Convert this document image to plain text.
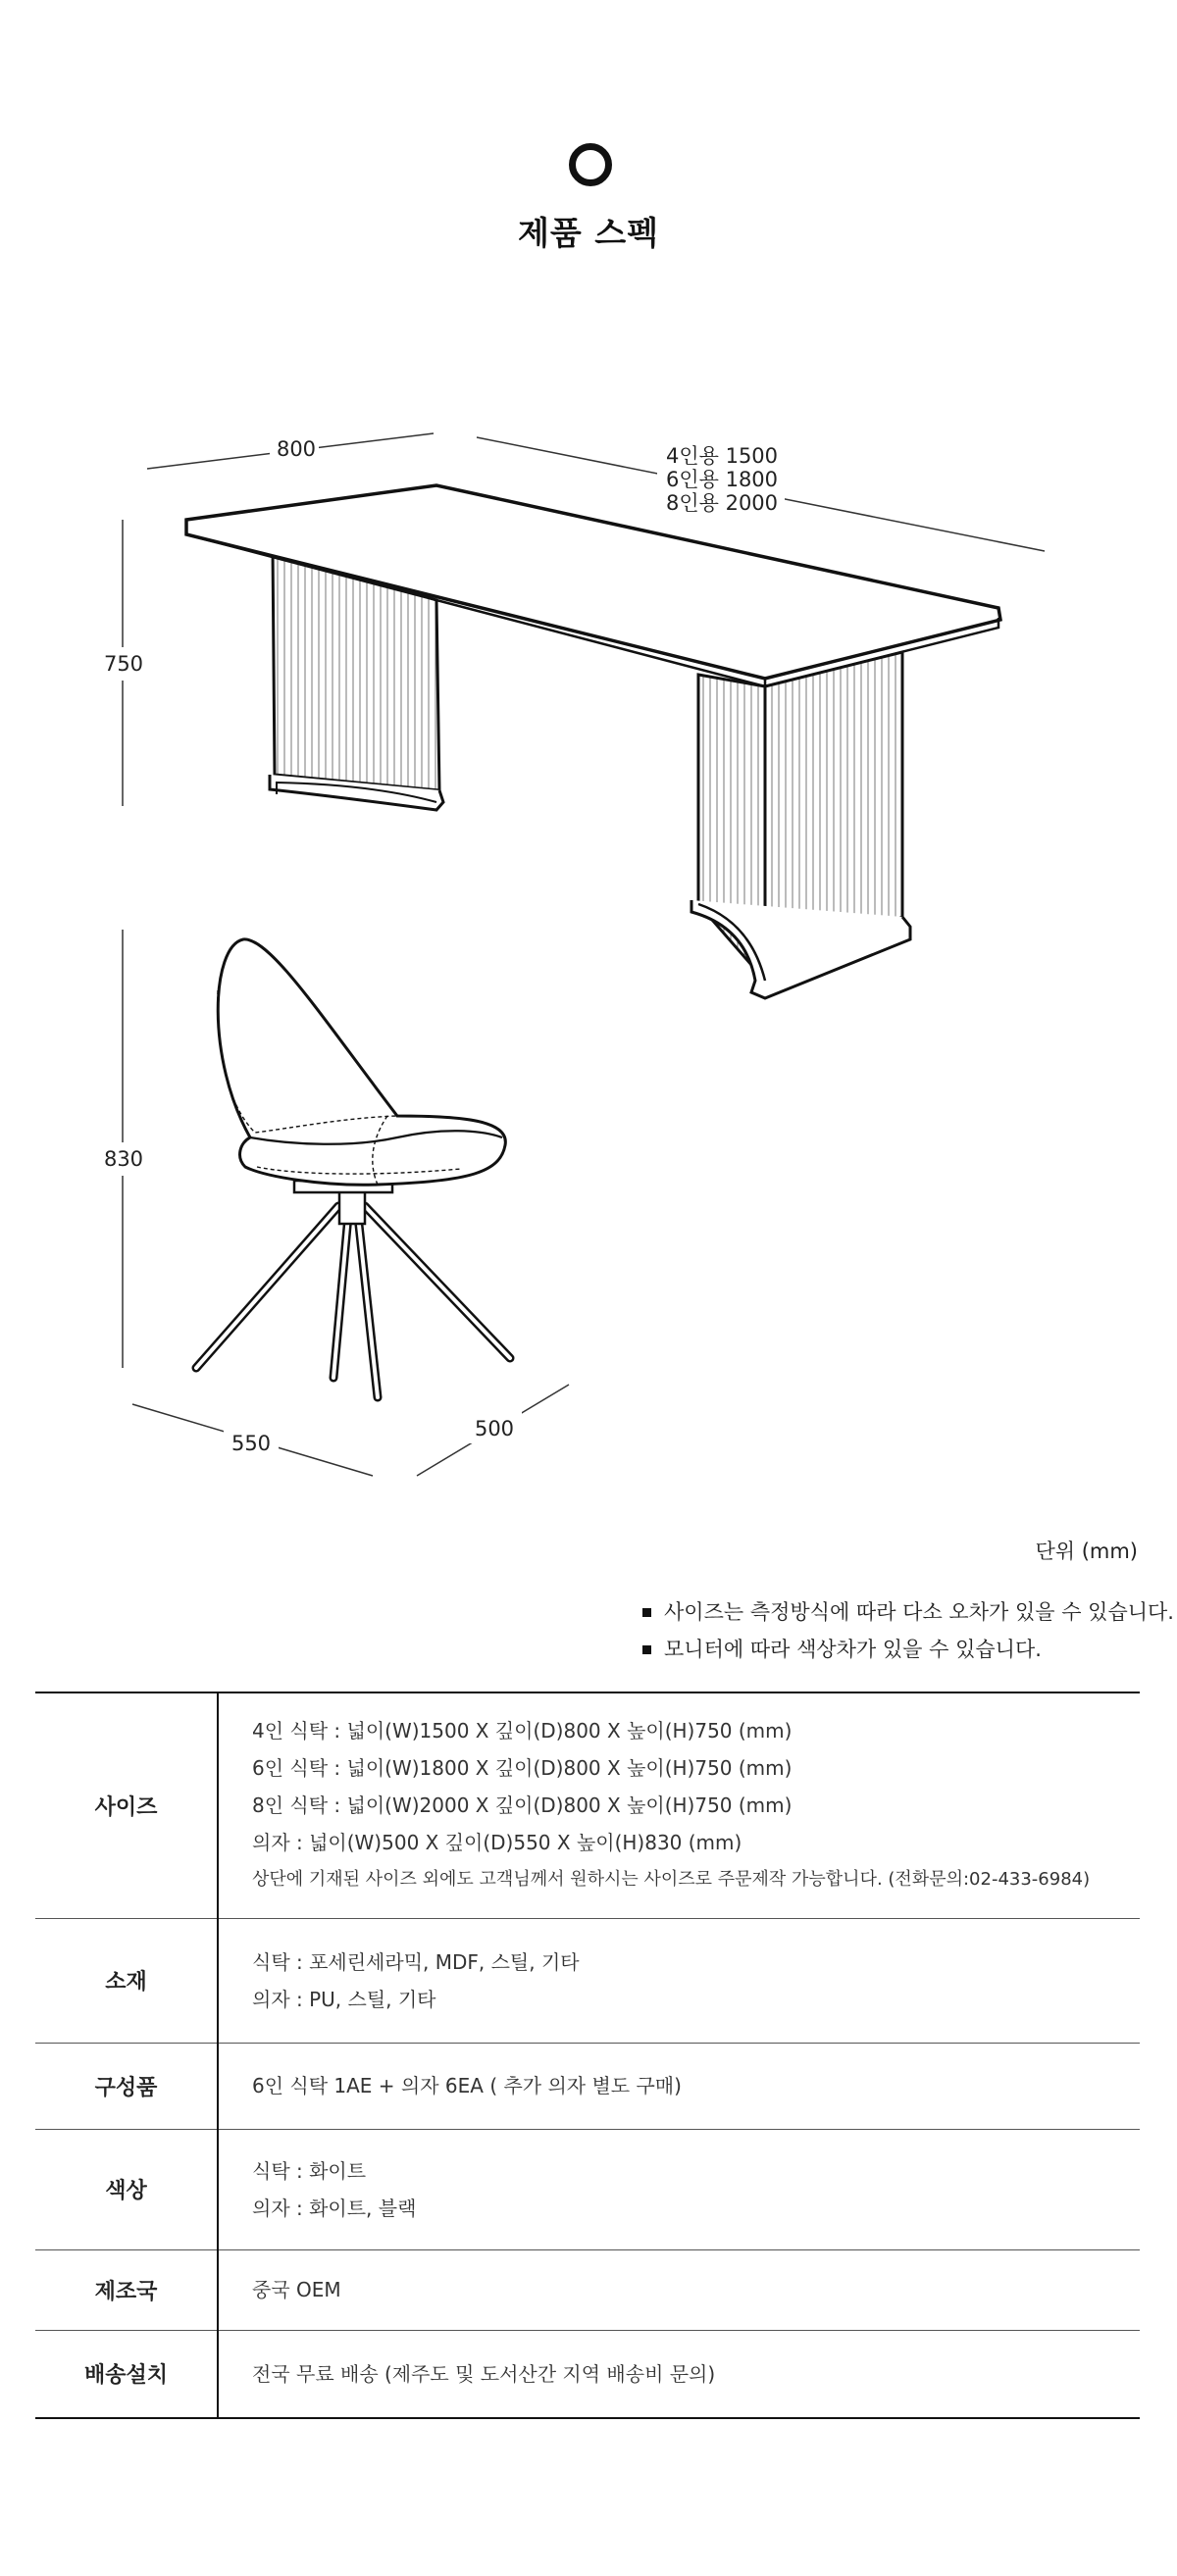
제품 스펙
800	4인용 1500
6인용 1800
8인용 2000
750
830
550
500
단위 (mm)
사이즈는 측정방식에 따라 다소 오차가 있을 수 있습니다.
모니터에 따라 색상차가 있을 수 있습니다.
사이즈	4인 식탁 : 넓이(W)1500 X 깊이(D)800 X 높이(H)750 (mm)
6인 식탁 : 넓이(W)1800 X 깊이(D)800 X 높이(H)750 (mm)
8인 식탁 : 넓이(W)2000 X 깊이(D)800 X 높이(H)750 (mm)
의자 : 넓이(W)500 X 깊이(D)550 X 높이(H)830 (mm)
상단에 기재된 사이즈 외에도 고객님께서 원하시는 사이즈로 주문제작 가능합니다. (전화문의:02-433-6984)

소재	식탁 : 포세린세라믹, MDF, 스틸, 기타
의자 : PU, 스틸, 기타

구성품	6인 식탁 1AE + 의자 6EA ( 추가 의자 별도 구매)

색상	식탁 : 화이트
의자 : 화이트, 블랙

제조국	중국 OEM

배송설치	전국 무료 배송 (제주도 및 도서산간 지역 배송비 문의)
